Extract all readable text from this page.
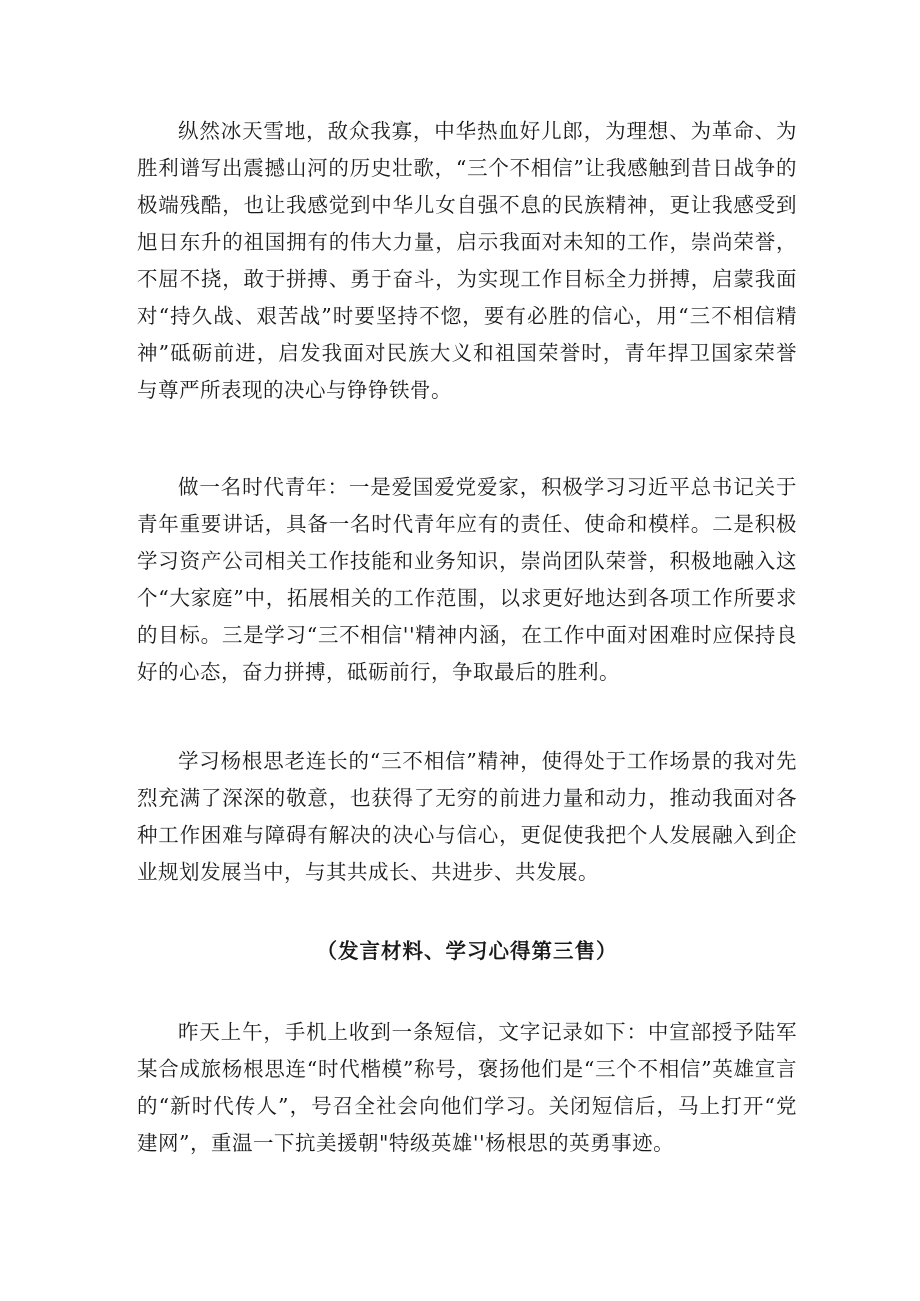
纵然冰天雪地，敌众我寡，中华热血好儿郎，为理想、为革命、为胜利谱写出震撼山河的历史壮歌，“三个不相信”让我感触到昔日战争的极端残酷，也让我感觉到中华儿女自强不息的民族精神，更让我感受到旭日东升的祖国拥有的伟大力量，启示我面对未知的工作，崇尚荣誉，不屈不挠，敢于拼搏、勇于奋斗，为实现工作目标全力拼搏，启蒙我面对“持久战、艰苦战”时要坚持不惚，要有必胜的信心，用“三不相信精神”砥砺前进，启发我面对民族大义和祖国荣誉时，青年捍卫国家荣誉与尊严所表现的决心与铮铮铁骨。

做一名时代青年：一是爱国爱党爱家，积极学习习近平总书记关于青年重要讲话，具备一名时代青年应有的责任、使命和模样。二是积极学习资产公司相关工作技能和业务知识，崇尚团队荣誉，积极地融入这个“大家庭”中，拓展相关的工作范围，以求更好地达到各项工作所要求的目标。三是学习“三不相信''精神内涵，在工作中面对困难时应保持良好的心态，奋力拼搏，砥砺前行，争取最后的胜利。

学习杨根思老连长的“三不相信”精神，使得处于工作场景的我对先烈充满了深深的敬意，也获得了无穷的前进力量和动力，推动我面对各种工作困难与障碍有解决的决心与信心，更促使我把个人发展融入到企业规划发展当中，与其共成长、共进步、共发展。

（发言材料、学习心得第三售）

昨天上午，手机上收到一条短信，文字记录如下：中宣部授予陆军某合成旅杨根思连“时代楷模”称号，褒扬他们是“三个不相信”英雄宣言的“新时代传人”，号召全社会向他们学习。关闭短信后，马上打开“党建网”，重温一下抗美援朝"特级英雄''杨根思的英勇事迹。
